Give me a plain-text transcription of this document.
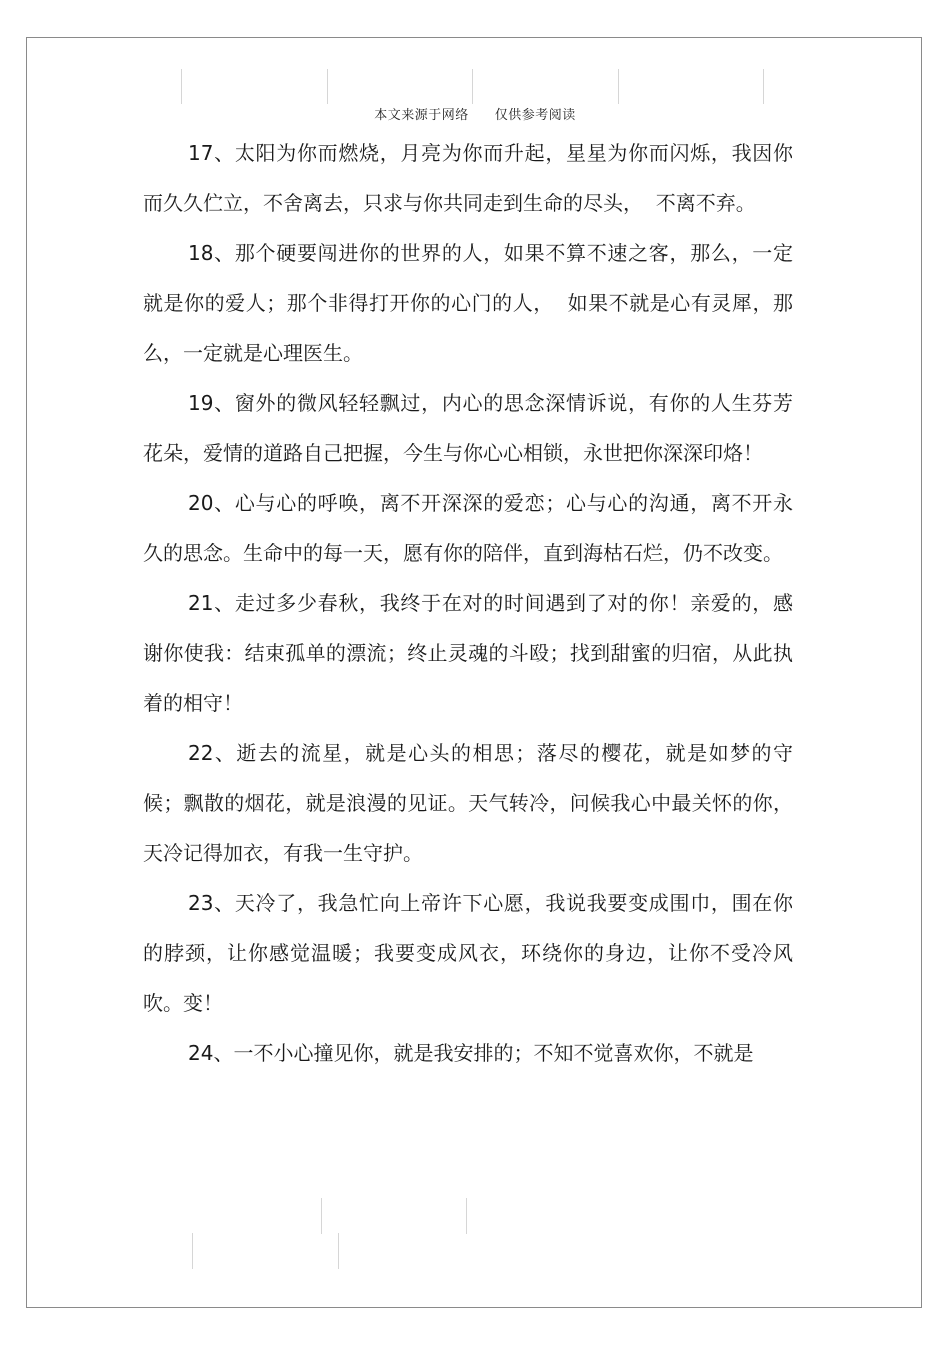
本文来源于网络 仅供参考阅读

17、太阳为你而燃烧，月亮为你而升起，星星为你而闪烁，我因你而久久伫立，不舍离去，只求与你共同走到生命的尽头，  不离不弃。

18、那个硬要闯进你的世界的人，如果不算不速之客，那么，一定就是你的爱人；那个非得打开你的心门的人，  如果不就是心有灵犀，那么，一定就是心理医生。

19、窗外的微风轻轻飘过，内心的思念深情诉说，有你的人生芬芳花朵，爱情的道路自己把握，今生与你心心相锁，永世把你深深印烙！

20、心与心的呼唤，离不开深深的爱恋；心与心的沟通，离不开永久的思念。生命中的每一天，愿有你的陪伴，直到海枯石烂，仍不改变。

21、走过多少春秋，我终于在对的时间遇到了对的你！亲爱的，感谢你使我：结束孤单的漂流；终止灵魂的斗殴；找到甜蜜的归宿，从此执着的相守！

22、逝去的流星，就是心头的相思；落尽的樱花，就是如梦的守候；飘散的烟花，就是浪漫的见证。天气转冷，问候我心中最关怀的你，天冷记得加衣，有我一生守护。

23、天冷了，我急忙向上帝许下心愿，我说我要变成围巾，围在你的脖颈，让你感觉温暖；我要变成风衣，环绕你的身边，让你不受冷风吹。变！

24、一不小心撞见你，就是我安排的；不知不觉喜欢你，不就是
